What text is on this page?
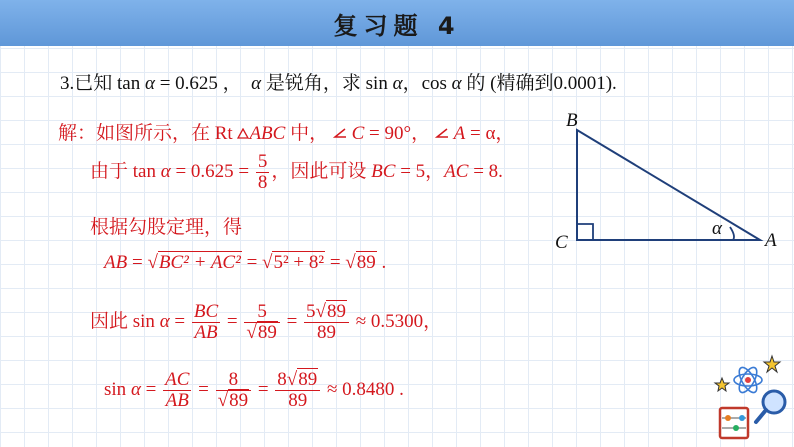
复习题 4
3.已知 tan α = 0.625 ， α 是锐角，求 sin α，cos α 的 (精确到0.0001).
解：如图所示，在 Rt ABC 中， C = 90°， A = α，
由于 $\tan \alpha = 0.625 = \frac{5}{8}$ ，因此可设 BC = 5，AC = 8.
根据勾股定理，得
AB = √BC² + AC² = √5² + 8² = √89 .
因此 $\sin \alpha = \frac{BC}{AB} = \frac{5}{√89} = \frac{5√89}{89} \approx 0.5300$，
$\sin \alpha = \frac{AC}{AB} = \frac{8}{√89} = \frac{8√89}{89} \approx 0.8480$ .
B
C	A
α
